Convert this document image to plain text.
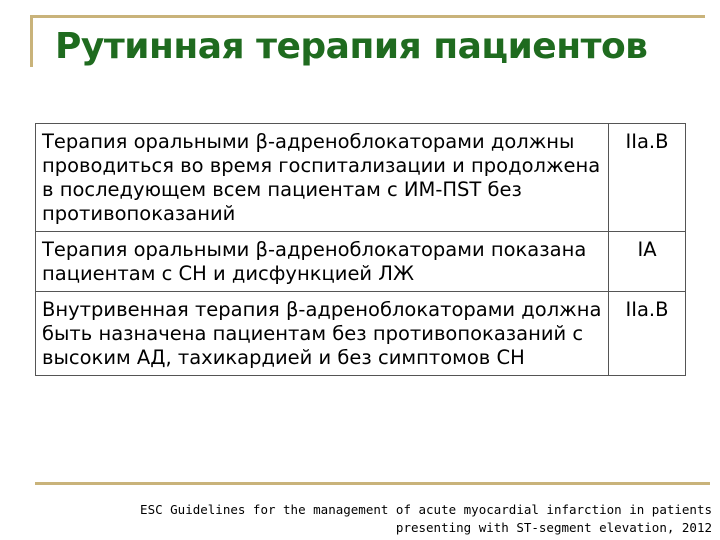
Рутинная терапия пациентов
Терапия оральными β-адреноблокаторами должны проводиться во время госпитализации и продолжена в последующем всем пациентам с ИМ-ПST без противопоказаний	IIa.B
Терапия оральными β-адреноблокаторами показана пациентам с СН и дисфункцией ЛЖ	IA
Внутривенная терапия β-адреноблокаторами должна быть назначена пациентам без противопоказаний с высоким АД, тахикардией и без симптомов СН	IIa.B
ESC Guidelines for the management of acute myocardial infarction in patients
presenting with ST-segment elevation, 2012
